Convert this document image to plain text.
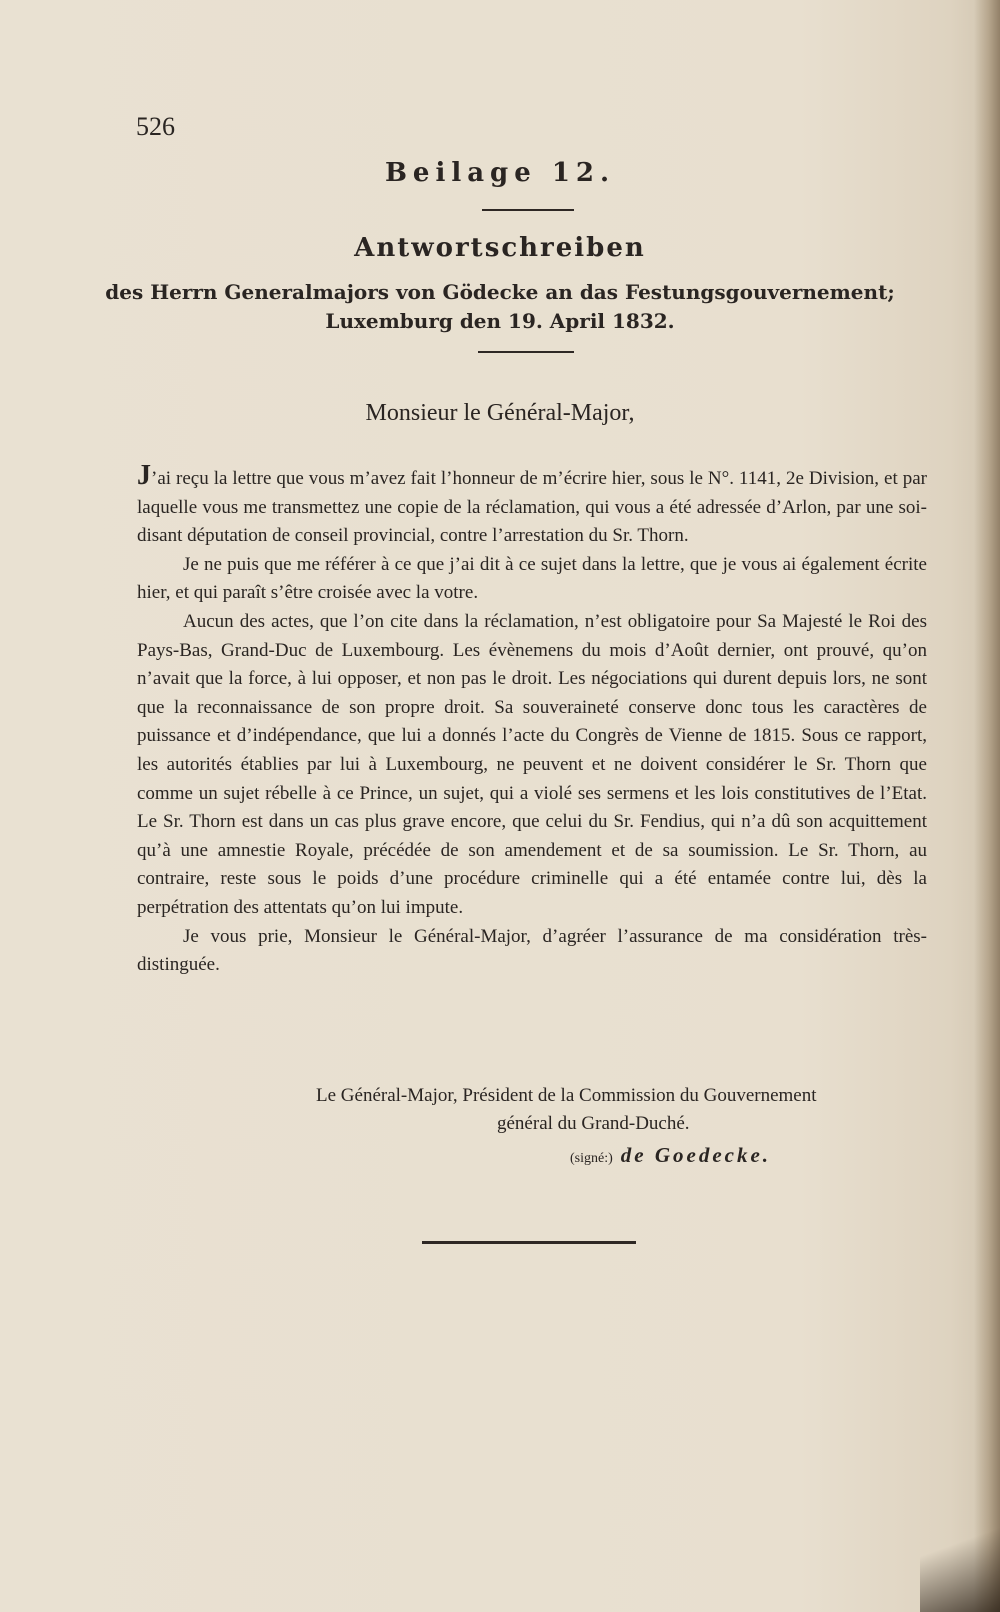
526
Beilage 12.
Antwortschreiben
des Herrn Generalmajors von Gödecke an das Festungsgouvernement;
Luxemburg den 19. April 1832.
Monsieur le Général-Major,

J’ai reçu la lettre que vous m’avez fait l’honneur de m’écrire hier, sous le N°. 1141, 2e Division, et par laquelle vous me transmettez une copie de la réclamation, qui vous a été adressée d’Arlon, par une soi-disant députation de conseil provincial, contre l’arrestation du Sr. Thorn.

Je ne puis que me référer à ce que j’ai dit à ce sujet dans la lettre, que je vous ai également écrite hier, et qui paraît s’être croisée avec la votre.

Aucun des actes, que l’on cite dans la réclamation, n’est obligatoire pour Sa Majesté le Roi des Pays-Bas, Grand-Duc de Luxembourg. Les évènemens du mois d’Août dernier, ont prouvé, qu’on n’avait que la force, à lui opposer, et non pas le droit. Les négociations qui durent depuis lors, ne sont que la reconnaissance de son propre droit. Sa souveraineté conserve donc tous les caractères de puissance et d’indépendance, que lui a donnés l’acte du Congrès de Vienne de 1815. Sous ce rapport, les autorités établies par lui à Luxembourg, ne peuvent et ne doivent considérer le Sr. Thorn que comme un sujet rébelle à ce Prince, un sujet, qui a violé ses sermens et les lois constitutives de l’Etat. Le Sr. Thorn est dans un cas plus grave encore, que celui du Sr. Fendius, qui n’a dû son acquittement qu’à une amnestie Royale, précédée de son amendement et de sa soumission. Le Sr. Thorn, au contraire, reste sous le poids d’une procédure criminelle qui a été entamée contre lui, dès la perpétration des attentats qu’on lui impute.

Je vous prie, Monsieur le Général-Major, d’agréer l’assurance de ma considération très-distinguée.

Le Général-Major, Président de la Commission du Gouvernement
général du Grand-Duché.
(signé:) de Goedecke.
